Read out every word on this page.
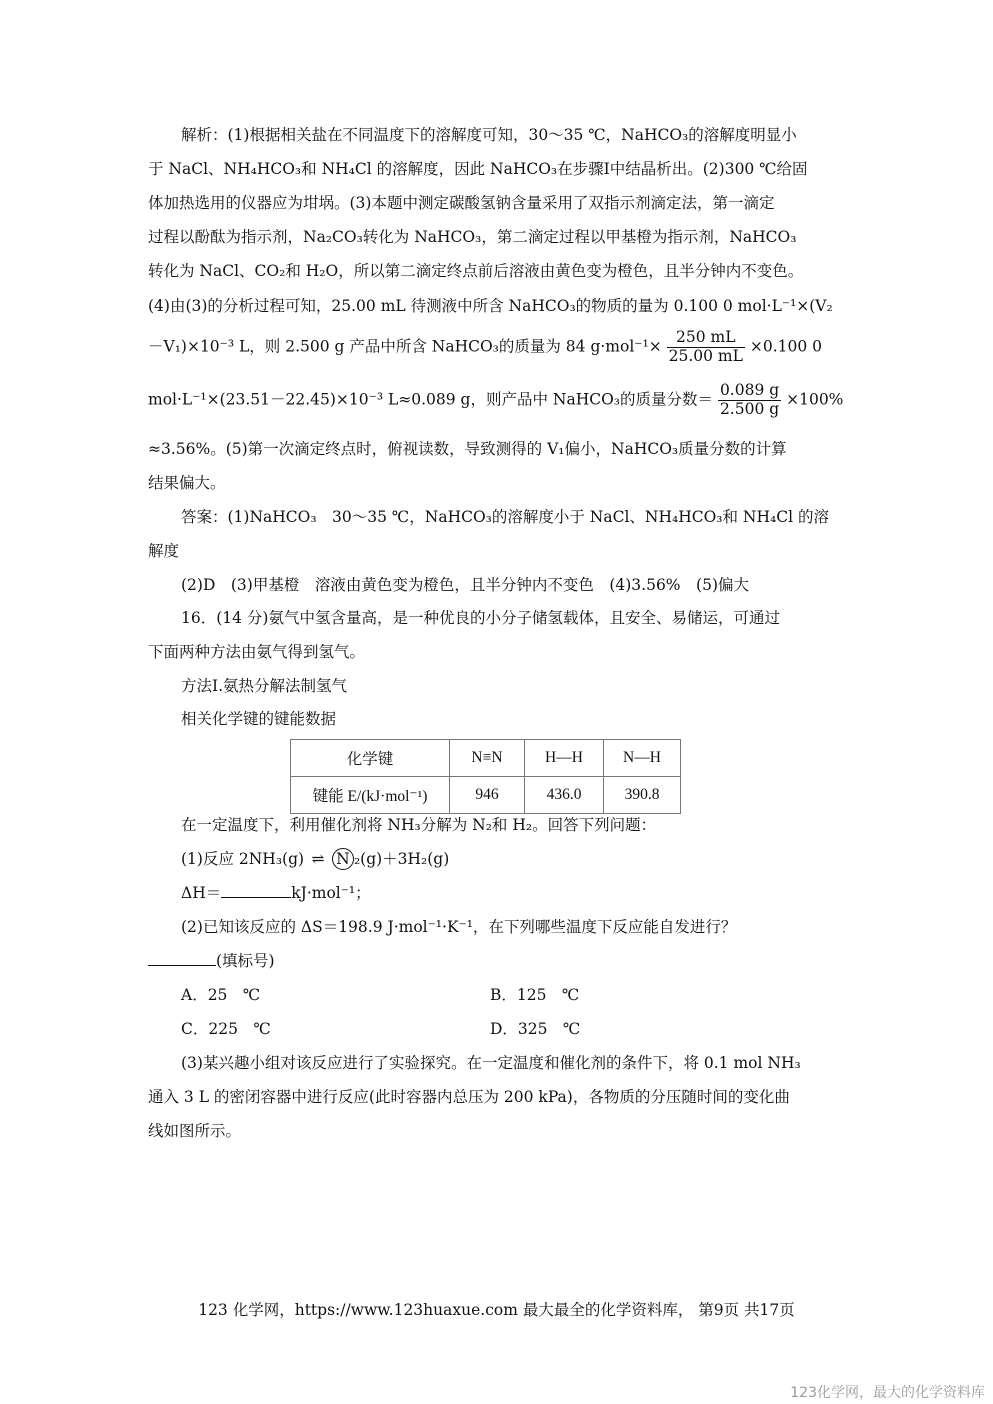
解析：(1)根据相关盐在不同温度下的溶解度可知，30～35 ℃，NaHCO₃的溶解度明显小
于 NaCl、NH₄HCO₃和 NH₄Cl 的溶解度，因此 NaHCO₃在步骤Ⅰ中结晶析出。(2)300 ℃给固
体加热选用的仪器应为坩埚。(3)本题中测定碳酸氢钠含量采用了双指示剂滴定法，第一滴定
过程以酚酞为指示剂，Na₂CO₃转化为 NaHCO₃，第二滴定过程以甲基橙为指示剂，NaHCO₃
转化为 NaCl、CO₂和 H₂O，所以第二滴定终点前后溶液由黄色变为橙色，且半分钟内不变色。
(4)由(3)的分析过程可知，25.00 mL 待测液中所含 NaHCO₃的物质的量为 0.100 0 mol·L⁻¹×(V₂
－V₁)×10⁻³ L，则 2.500 g 产品中所含 NaHCO₃的质量为 84 $g\cdot mol^{-1}\times \frac{250 mL}{25.00 mL} \times 0.100$ 0
mol·L⁻¹×(23.51－22.45)×10⁻³ L≈0.089 g，则产品中 NaHCO₃的质量分数＝ $\frac{0.089 g}{2.500 g} \times 100\%$
≈3.56%。(5)第一次滴定终点时，俯视读数，导致测得的 V₁偏小，NaHCO₃质量分数的计算
结果偏大。
答案：(1)NaHCO₃　30～35 ℃，NaHCO₃的溶解度小于 NaCl、NH₄HCO₃和 NH₄Cl 的溶
解度
(2)D　(3)甲基橙　溶液由黄色变为橙色，且半分钟内不变色　(4)3.56%　(5)偏大
16．(14 分)氨气中氢含量高，是一种优良的小分子储氢载体，且安全、易储运，可通过
下面两种方法由氨气得到氢气。
方法Ⅰ.氨热分解法制氢气
相关化学键的键能数据
化学键	N≡N	H—H	N—H
键能 E/(kJ·mol⁻¹)	946	436.0	390.8
在一定温度下，利用催化剂将 NH₃分解为 N₂和 H₂。回答下列问题：
(1)反应 2NH₃(g) ⇌ N ₂(g)＋3H₂(g)
ΔH＝	kJ·mol⁻¹；
(2)已知该反应的 ΔS＝198.9 J·mol⁻¹·K⁻¹，在下列哪些温度下反应能自发进行？
(填标号)
A．25　℃	B．125　℃
C．225　℃	D．325　℃
(3)某兴趣小组对该反应进行了实验探究。在一定温度和催化剂的条件下，将 0.1 mol NH₃
通入 3 L 的密闭容器中进行反应(此时容器内总压为 200 kPa)，各物质的分压随时间的变化曲
线如图所示。
123 化学网，https://www.123huaxue.com 最大最全的化学资料库， 第9页 共17页
123化学网，最大的化学资料库
